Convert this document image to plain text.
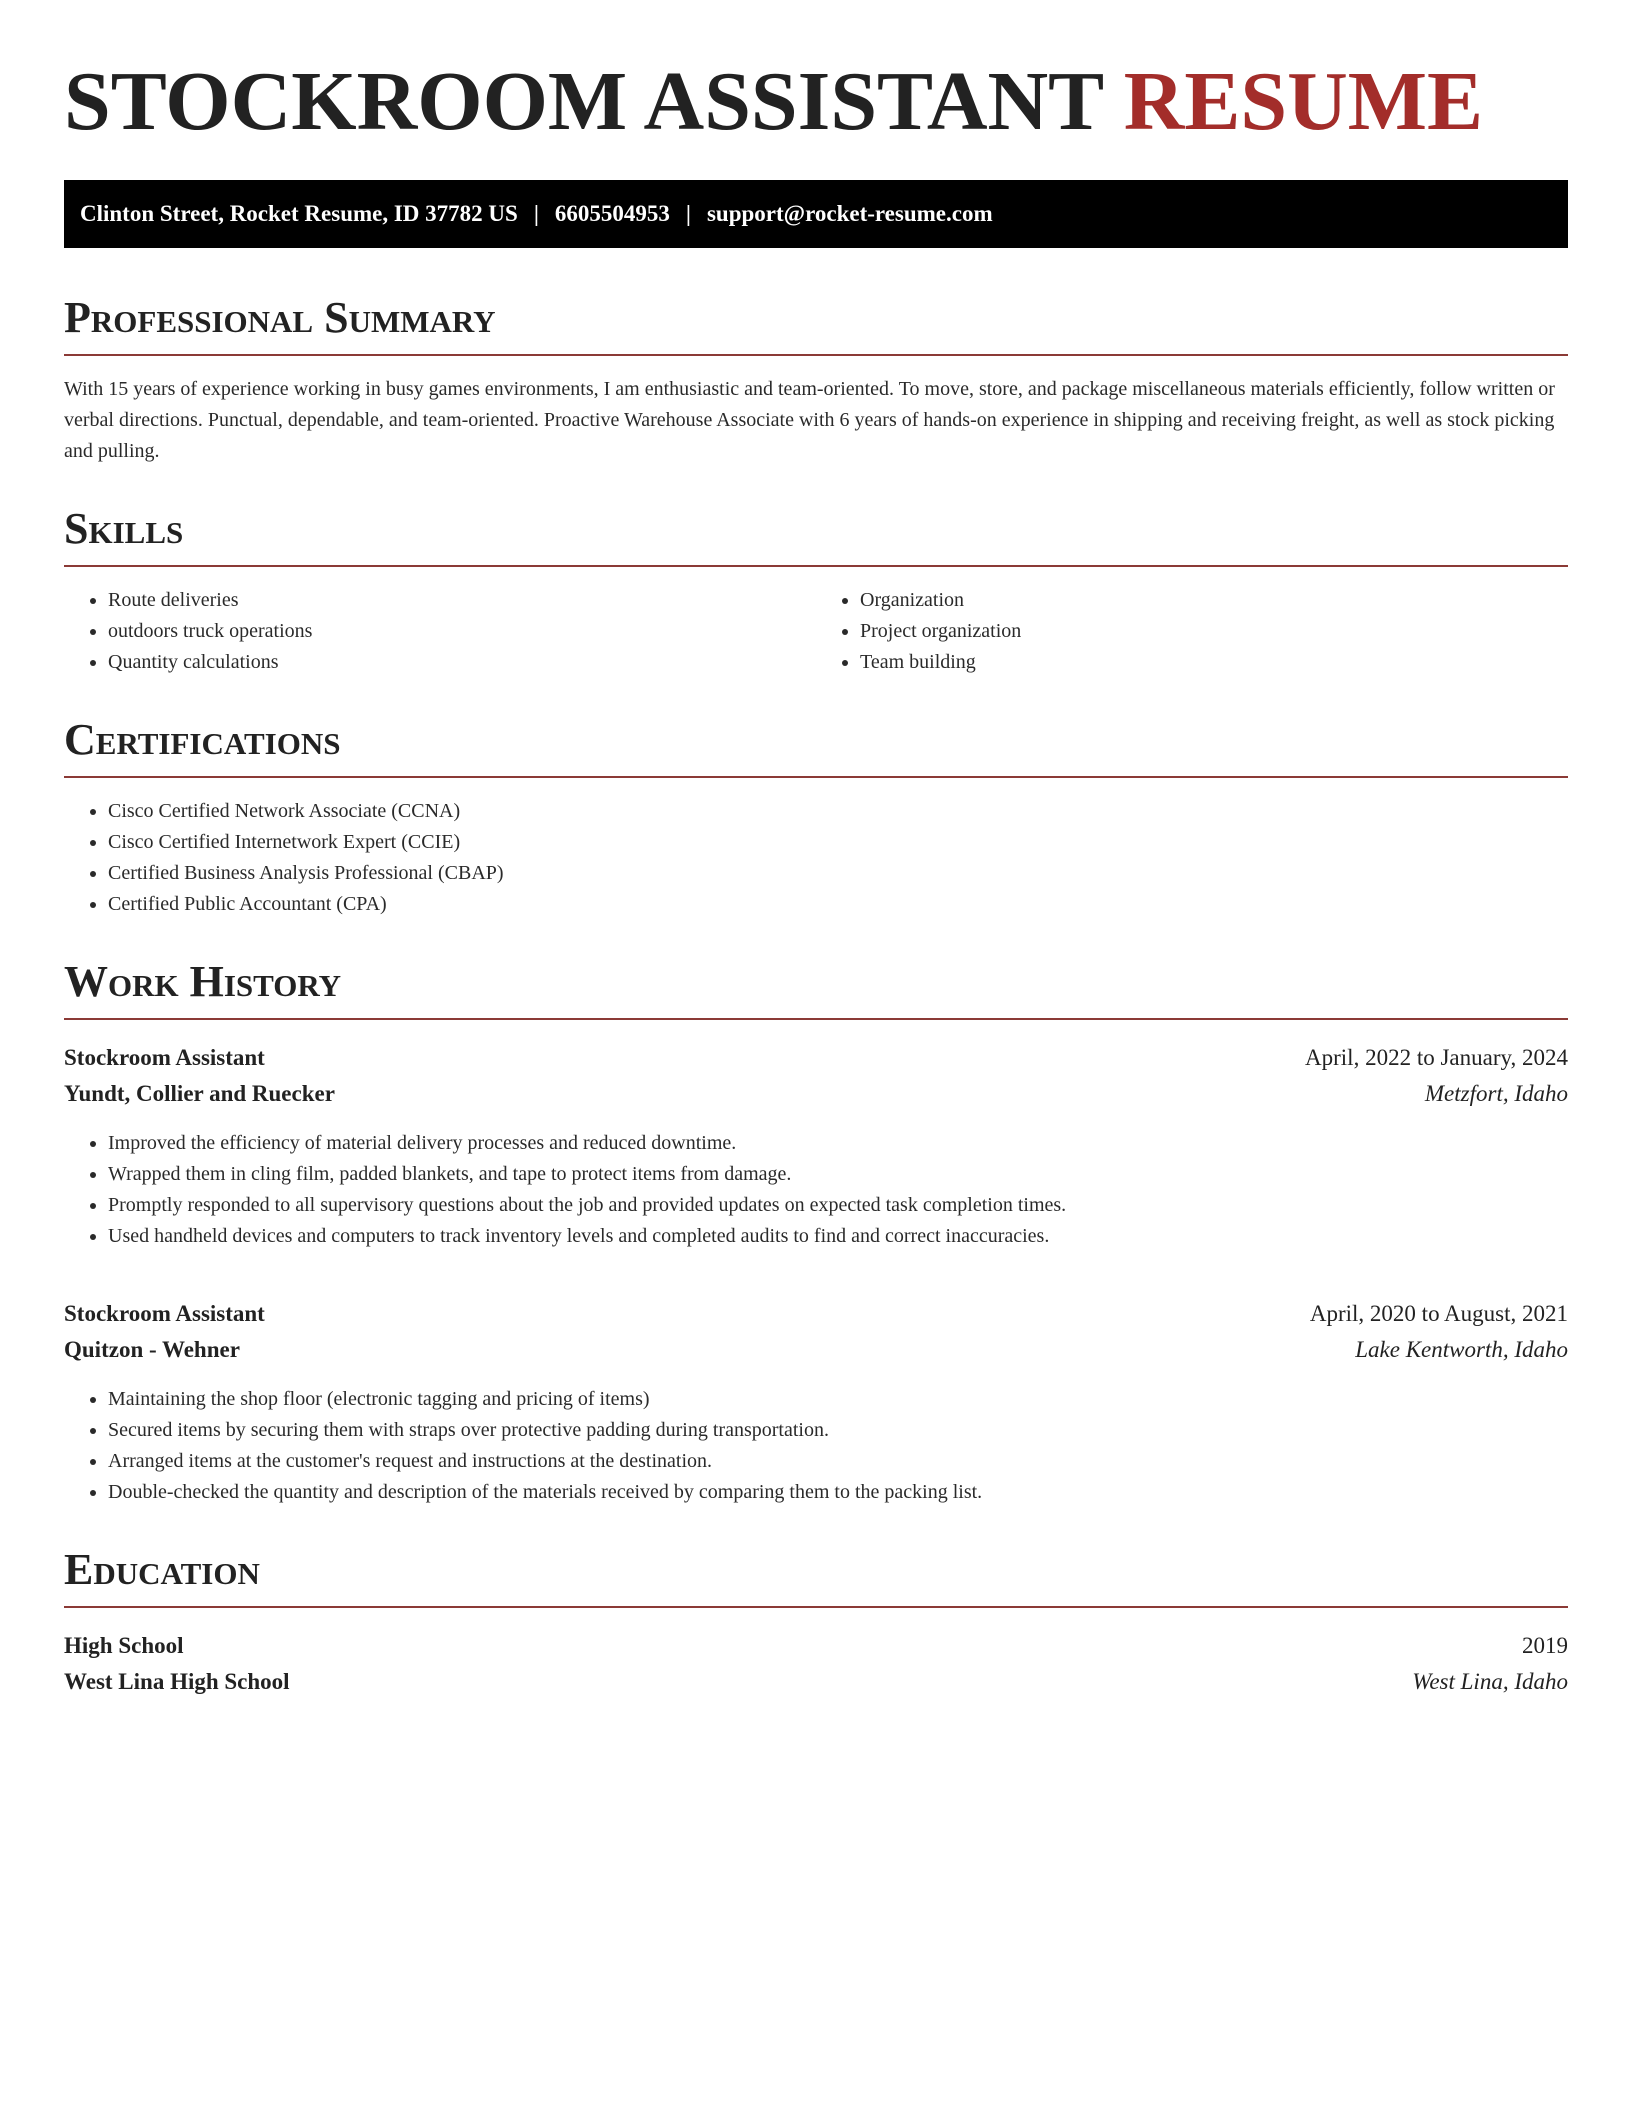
STOCKROOM ASSISTANT RESUME
Clinton Street, Rocket Resume, ID 37782 US | 6605504953 | support@rocket-resume.com
Professional Summary

With 15 years of experience working in busy games environments, I am enthusiastic and team-oriented. To move, store, and package miscellaneous materials efficiently, follow written or verbal directions. Punctual, dependable, and team-oriented. Proactive Warehouse Associate with 6 years of hands-on experience in shipping and receiving freight, as well as stock picking and pulling.

Skills
• Route deliveries
• outdoors truck operations
• Quantity calculations
• Organization
• Project organization
• Team building
Certifications
• Cisco Certified Network Associate (CCNA)
• Cisco Certified Internetwork Expert (CCIE)
• Certified Business Analysis Professional (CBAP)
• Certified Public Accountant (CPA)
Work History
Stockroom Assistant	April, 2022 to January, 2024
Yundt, Collier and Ruecker	Metzfort, Idaho
• Improved the efficiency of material delivery processes and reduced downtime.
• Wrapped them in cling film, padded blankets, and tape to protect items from damage.
• Promptly responded to all supervisory questions about the job and provided updates on expected task completion times.
• Used handheld devices and computers to track inventory levels and completed audits to find and correct inaccuracies.
Stockroom Assistant	April, 2020 to August, 2021
Quitzon - Wehner	Lake Kentworth, Idaho
• Maintaining the shop floor (electronic tagging and pricing of items)
• Secured items by securing them with straps over protective padding during transportation.
• Arranged items at the customer's request and instructions at the destination.
• Double-checked the quantity and description of the materials received by comparing them to the packing list.
Education
High School	2019
West Lina High School	West Lina, Idaho
